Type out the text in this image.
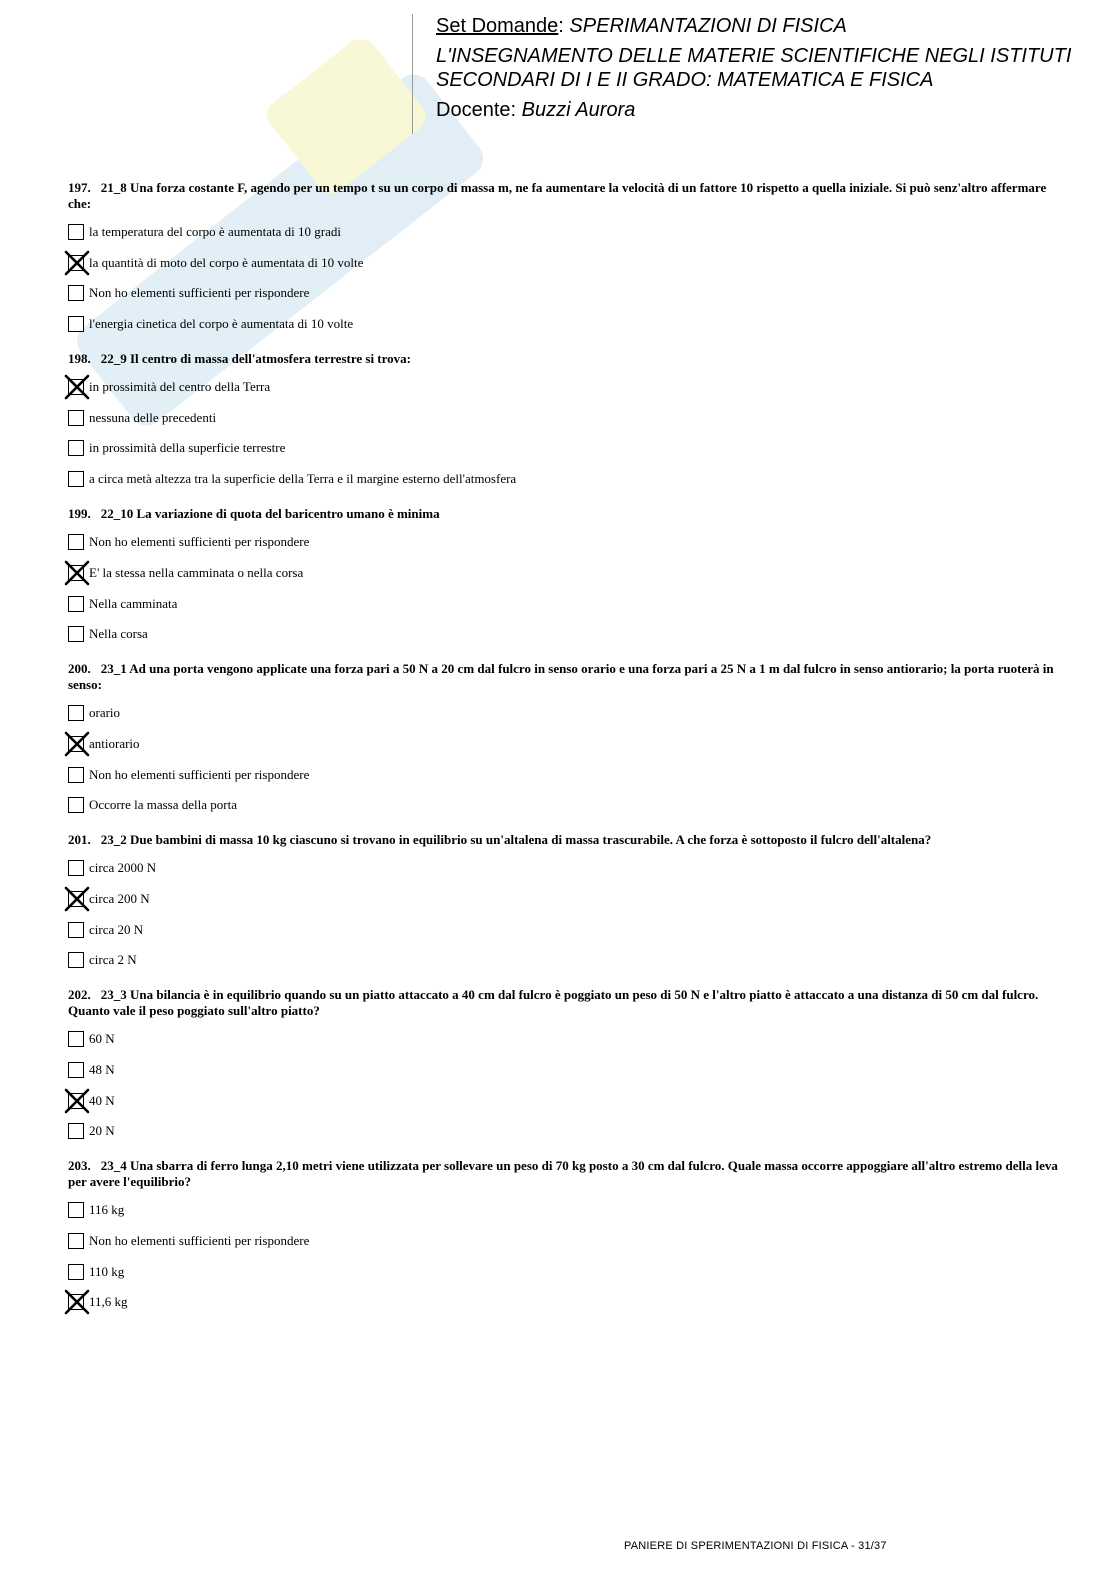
Set Domande: SPERIMANTAZIONI DI FISICA
L'INSEGNAMENTO DELLE MATERIE SCIENTIFICHE NEGLI ISTITUTI
SECONDARI DI I E II GRADO: MATEMATICA E FISICA
Docente: Buzzi Aurora
197. 21_8 Una forza costante F, agendo per un tempo t su un corpo di massa m, ne fa aumentare la velocità di un fattore 10 rispetto a quella iniziale. Si può senz'altro affermare che:
la temperatura del corpo è aumentata di 10 gradi
la quantità di moto del corpo è aumentata di 10 volte
Non ho elementi sufficienti per rispondere
l'energia cinetica del corpo è aumentata di 10 volte
198. 22_9 Il centro di massa dell'atmosfera terrestre si trova:
in prossimità del centro della Terra
nessuna delle precedenti
in prossimità della superficie terrestre
a circa metà altezza tra la superficie della Terra e il margine esterno dell'atmosfera
199. 22_10 La variazione di quota del baricentro umano è minima
Non ho elementi sufficienti per rispondere
E' la stessa nella camminata o nella corsa
Nella camminata
Nella corsa
200. 23_1 Ad una porta vengono applicate una forza pari a 50 N a 20 cm dal fulcro in senso orario e una forza pari a 25 N a 1 m dal fulcro in senso antiorario; la porta ruoterà in senso:
orario
antiorario
Non ho elementi sufficienti per rispondere
Occorre la massa della porta
201. 23_2 Due bambini di massa 10 kg ciascuno si trovano in equilibrio su un'altalena di massa trascurabile. A che forza è sottoposto il fulcro dell'altalena?
circa 2000 N
circa 200 N
circa 20 N
circa 2 N
202. 23_3 Una bilancia è in equilibrio quando su un piatto attaccato a 40 cm dal fulcro è poggiato un peso di 50 N e l'altro piatto è attaccato a una distanza di 50 cm dal fulcro. Quanto vale il peso poggiato sull'altro piatto?
60 N
48 N
40 N
20 N
203. 23_4 Una sbarra di ferro lunga 2,10 metri viene utilizzata per sollevare un peso di 70 kg posto a 30 cm dal fulcro. Quale massa occorre appoggiare all'altro estremo della leva per avere l'equilibrio?
116 kg
Non ho elementi sufficienti per rispondere
110 kg
11,6 kg
PANIERE DI SPERIMENTAZIONI DI FISICA - 31/37
